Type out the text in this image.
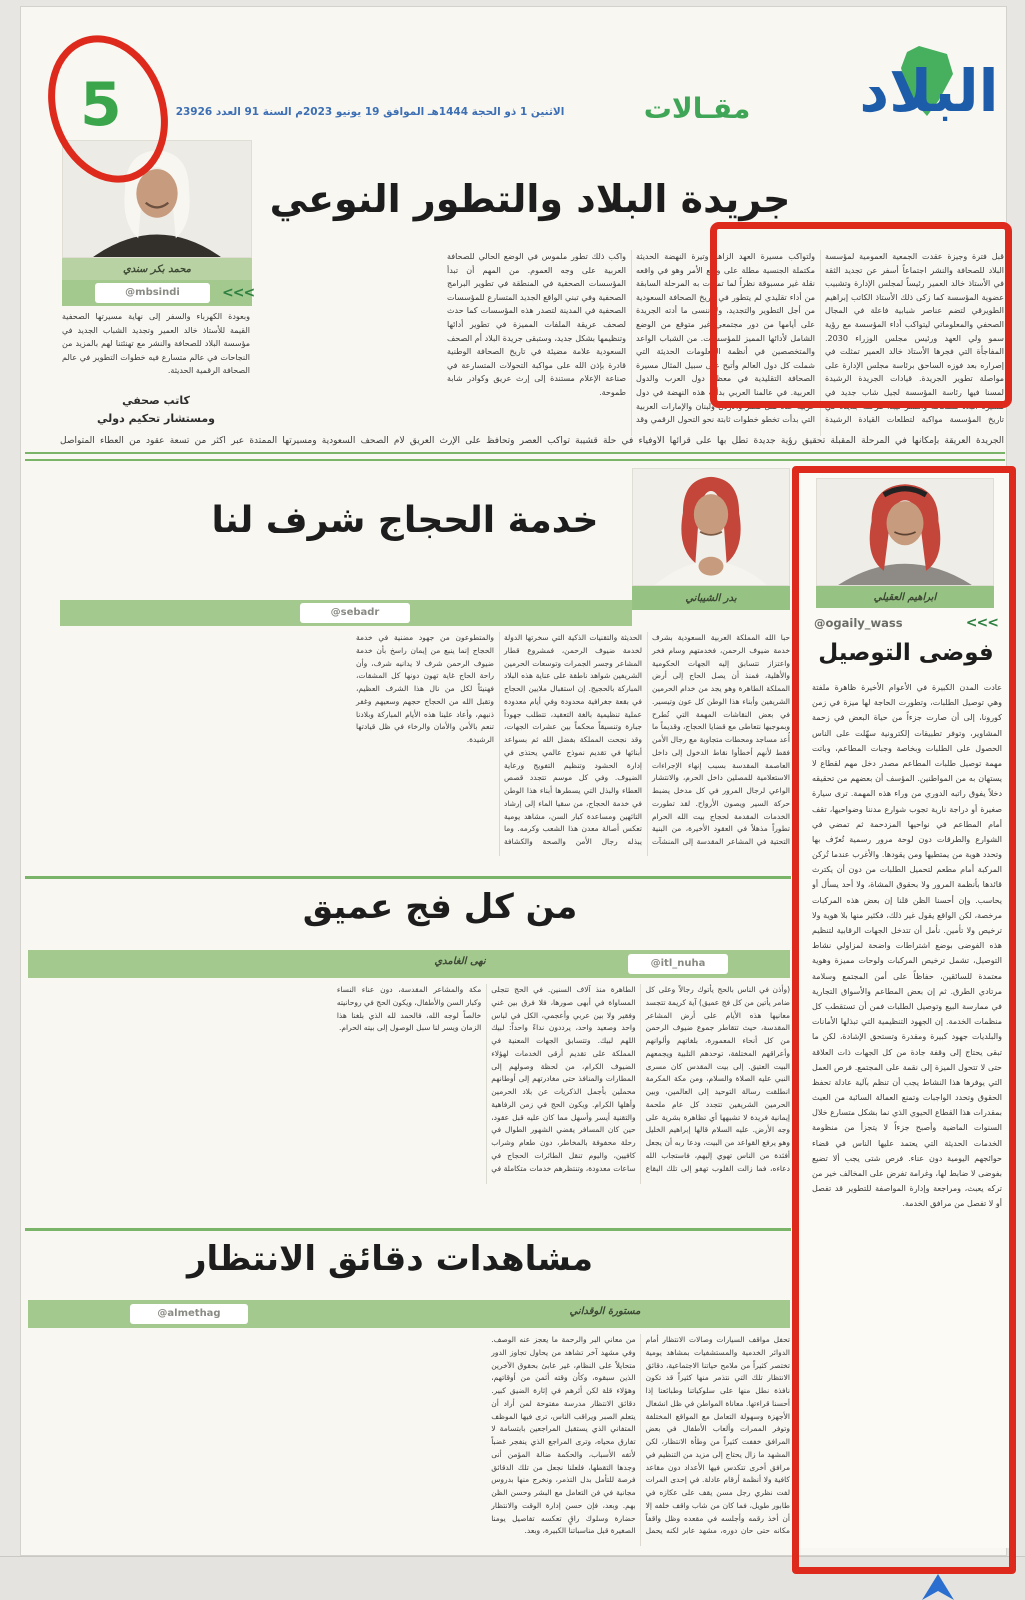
5	البلاد
مقـالات
الاثنين 1 ذو الحجة 1444هـ الموافق 19 يونيو 2023م السنة 91 العدد 23926
محمد بكر سندي
@mbsindi	<<<
جريدة البلاد والتطور النوعي
قبل فترة وجيزة عقدت الجمعية العمومية لمؤسسة البلاد للصحافة والنشر اجتماعاً أسفر عن تجديد الثقة في الأستاذ خالد العمير رئيساً لمجلس الإدارة وتشبيب عضوية المؤسسة كما زكى ذلك الأستاذ الكاتب إبراهيم الطويرقي لتضم عناصر شبابية فاعلة في المجال الصحفي والمعلوماتي ليتواكب أداء المؤسسة مع رؤية سمو ولي العهد ورئيس مجلس الوزراء 2030. المفاجأة التي فجرها الأستاذ خالد العمير تمثلت في إصراره بعد فوزه الساحق برئاسة مجلس الإدارة على مواصلة تطوير الجريدة. قيادات الجريدة الرشيدة لمسنا فيها رئاسة المؤسسة لجيل شاب جديد في مسيرة البلاد للصحافة والنشر ليبدأ مرحلة جديدة في تاريخ المؤسسة مواكبة لتطلعات القيادة الرشيدة ولتواكب مسيرة العهد الزاهر وتيرة النهضة الحديثة مكتملة الجنسية مطلة على واقع الأمر وهو في واقعه نقلة غير مسبوقة نظراً لما تميزت به المرحلة السابقة من أداء تقليدي لم يتطور في تاريخ الصحافة السعودية من أجل التطوير والتجديد، ولا ننسى ما أدته الجريدة على أيامها من دور مجتمعي غير متوقع من الوضع الشامل لأدائها المميز للمؤسسات. من الشباب الواعد والمتخصصين في أنظمة المعلومات الحديثة التي شملت كل دول العالم وأتيح على سبيل المثال مسيرة الصحافة التقليدية في معظم دول العرب والدول العربية. في عالمنا العربي بدأت هذه النهضة في دول عربية عدة مثل مصر والأردن ولبنان والإمارات العربية التي بدأت تخطو خطوات ثابتة نحو التحول الرقمي وقد واكب ذلك تطور ملموس في الوضع الحالي للصحافة العربية على وجه العموم. من المهم أن تبدأ المؤسسات الصحفية في المنطقة في تطوير البرامج الصحفية وفي تبني الواقع الجديد المتسارع للمؤسسات الصحفية في المدينة لتصدر هذه المؤسسات كما حدث لصحف عريقة الملفات المميزة في تطوير أدائها وتنظيمها بشكل جديد، وستبقى جريدة البلاد أم الصحف السعودية علامة مضيئة في تاريخ الصحافة الوطنية قادرة بإذن الله على مواكبة التحولات المتسارعة في صناعة الإعلام مستندة إلى إرث عريق وكوادر شابة طموحة.
وبعودة الكهرباء والسفر إلى نهاية مسيرتها الصحفية القيمة للأستاذ خالد العمير وتجديد الشباب الجديد في مؤسسة البلاد للصحافة والنشر مع تهنئتنا لهم بالمزيد من النجاحات في عالم متسارع فيه خطوات التطوير في عالم الصحافة الرقمية الحديثة.
كاتب صحفي
ومستشار تحكيم دولي
الجريدة العريقة بإمكانها في المرحلة المقبلة تحقيق رؤية جديدة تطل بها على قرائها الأوفياء في حلة قشيبة تواكب العصر وتحافظ على الإرث العريق لأم الصحف السعودية ومسيرتها الممتدة عبر أكثر من تسعة عقود من العطاء المتواصل
خدمة الحجاج شرف لنا
بدر الشيباني
@sebadr
حبا الله المملكة العربية السعودية بشرف خدمة ضيوف الرحمن، فخدمتهم وسام فخر واعتزاز تتسابق إليه الجهات الحكومية والأهلية، فمنذ أن يصل الحاج إلى أرض المملكة الطاهرة وهو يجد من خدام الحرمين الشريفين وأبناء هذا الوطن كل عون وتيسير. في بعض النقاشات المهمة التي تُطرح وبموجبها نتعاطى مع قضايا الحجاج، وقديماً ما أُعد مساجد ومحطات متجاوبة مع رجال الأمن فقط لأنهم أخطأوا نقاط الدخول إلى داخل العاصمة المقدسة بسبب إنهاء الإجراءات الاستعلامية للمصلين داخل الحرم، والانتشار الواعي لرجال المرور في كل مدخل يضبط حركة السير ويصون الأرواح. لقد تطورت الخدمات المقدمة لحجاج بيت الله الحرام تطوراً مذهلاً في العقود الأخيرة، من البنية التحتية في المشاعر المقدسة إلى المنشآت الحديثة والتقنيات الذكية التي سخرتها الدولة لخدمة ضيوف الرحمن، فمشروع قطار المشاعر وجسر الجمرات وتوسعات الحرمين الشريفين شواهد ناطقة على عناية هذه البلاد المباركة بالحجيج. إن استقبال ملايين الحجاج في بقعة جغرافية محدودة وفي أيام معدودة عملية تنظيمية بالغة التعقيد، تتطلب جهوداً جبارة وتنسيقاً محكماً بين عشرات الجهات، وقد نجحت المملكة بفضل الله ثم بسواعد أبنائها في تقديم نموذج عالمي يحتذى في إدارة الحشود وتنظيم التفويج ورعاية الضيوف. وفي كل موسم تتجدد قصص العطاء والبذل التي يسطرها أبناء هذا الوطن في خدمة الحجاج، من سقيا الماء إلى إرشاد التائهين ومساعدة كبار السن، مشاهد يومية تعكس أصالة معدن هذا الشعب وكرمه. وما يبذله رجال الأمن والصحة والكشافة والمتطوعون من جهود مضنية في خدمة الحجاج إنما ينبع من إيمان راسخ بأن خدمة ضيوف الرحمن شرف لا يدانيه شرف، وأن راحة الحاج غاية تهون دونها كل المشقات، فهنيئاً لكل من نال هذا الشرف العظيم، وتقبل الله من الحجاج حجهم وسعيهم وغفر ذنبهم، وأعاد علينا هذه الأيام المباركة وبلادنا تنعم بالأمن والأمان والرخاء في ظل قيادتها الرشيدة.
من كل فج عميق
نهى الغامدي	@itl_nuha
(وأذن في الناس بالحج يأتوك رجالاً وعلى كل ضامر يأتين من كل فج عميق) آية كريمة تتجسد معانيها هذه الأيام على أرض المشاعر المقدسة، حيث تتقاطر جموع ضيوف الرحمن من كل أنحاء المعمورة، بلغاتهم وألوانهم وأعراقهم المختلفة، توحدهم التلبية ويجمعهم البيت العتيق. إلى بيت المقدس كان مسرى النبي عليه الصلاة والسلام، ومن مكة المكرمة انطلقت رسالة التوحيد إلى العالمين، وبين الحرمين الشريفين تتجدد كل عام ملحمة إيمانية فريدة لا تشبهها أي تظاهرة بشرية على وجه الأرض. عليه السلام قالها إبراهيم الخليل وهو يرفع القواعد من البيت، ودعا ربه أن يجعل أفئدة من الناس تهوي إليهم، فاستجاب الله دعاءه، فما زالت القلوب تهفو إلى تلك البقاع الطاهرة منذ آلاف السنين. في الحج تتجلى المساواة في أبهى صورها، فلا فرق بين غني وفقير ولا بين عربي وأعجمي، الكل في لباس واحد وصعيد واحد، يرددون نداءً واحداً: لبيك اللهم لبيك. وتتسابق الجهات المعنية في المملكة على تقديم أرقى الخدمات لهؤلاء الضيوف الكرام، من لحظة وصولهم إلى المطارات والمنافذ حتى مغادرتهم إلى أوطانهم محملين بأجمل الذكريات عن بلاد الحرمين وأهلها الكرام. ويكون الحج في زمن الرفاهية والتقنية أيسر وأسهل مما كان عليه قبل عقود، حين كان المسافر يقضي الشهور الطوال في رحلة محفوفة بالمخاطر، دون طعام وشراب كافيين، واليوم تنقل الطائرات الحجاج في ساعات معدودة، وتنتظرهم خدمات متكاملة في مكة والمشاعر المقدسة، دون عناء النساء وكبار السن والأطفال، ويكون الحج في روحانيته خالصاً لوجه الله، فالحمد لله الذي بلغنا هذا الزمان ويسر لنا سبل الوصول إلى بيته الحرام.
مشاهدات دقائق الانتظار
@almethag	مستورة الوقداني
تحفل مواقف السيارات وصالات الانتظار أمام الدوائر الخدمية والمستشفيات بمشاهد يومية تختصر كثيراً من ملامح حياتنا الاجتماعية، دقائق الانتظار تلك التي نتذمر منها كثيراً قد تكون نافذة نطل منها على سلوكياتنا وطبائعنا إذا أحسنا قراءتها. معاناة المواطن في ظل انشغال الأجهزة وسهولة التعامل مع المواقع المختلفة وتوفر الممرات وألعاب الأطفال في بعض المرافق خففت كثيراً من وطأة الانتظار، لكن المشهد ما زال يحتاج إلى مزيد من التنظيم في مرافق أخرى تتكدس فيها الأعداد دون مقاعد كافية ولا أنظمة أرقام عادلة. في إحدى المرات لفت نظري رجل مسن يقف على عكازه في طابور طويل، فما كان من شاب واقف خلفه إلا أن أخذ رقمه وأجلسه في مقعده وظل واقفاً مكانه حتى حان دوره، مشهد عابر لكنه يحمل من معاني البر والرحمة ما يعجز عنه الوصف. وفي مشهد آخر تشاهد من يحاول تجاوز الدور متحايلاً على النظام، غير عابئ بحقوق الآخرين الذين سبقوه، وكأن وقته أثمن من أوقاتهم، وهؤلاء قلة لكن أثرهم في إثارة الضيق كبير. دقائق الانتظار مدرسة مفتوحة لمن أراد أن يتعلم الصبر ويراقب الناس، ترى فيها الموظف المتفاني الذي يستقبل المراجعين بابتسامة لا تفارق محياه، وترى المراجع الذي ينفجر غضباً لأتفه الأسباب، والحكمة ضالة المؤمن أنى وجدها التقطها، فلعلنا نجعل من تلك الدقائق فرصة للتأمل بدل التذمر، ونخرج منها بدروس مجانية في فن التعامل مع البشر وحسن الظن بهم. وبعد، فإن حسن إدارة الوقت والانتظار حضارة وسلوك راقٍ تعكسه تفاصيل يومنا الصغيرة قبل مناسباتنا الكبيرة، وبعد.
ابراهيم العقيلي
@ogaily_wass	<<<
فوضى التوصيل
عادت المدن الكبيرة في الأعوام الأخيرة ظاهرة ملفتة وهي توصيل الطلبات، وتطورت الحاجة لها ميزة في زمن كورونا، إلى أن صارت جزءاً من حياة البعض في زحمة المشاوير، وتوفر تطبيقات إلكترونية سهّلت على الناس الحصول على الطلبات وبخاصة وجبات المطاعم، وباتت مهمة توصيل طلبات المطاعم مصدر دخل مهم لقطاع لا يستهان به من المواطنين. المؤسف أن بعضهم من تحقيقه دخلاً يفوق راتبه الدوري من وراء هذه المهمة. ترى سيارة صغيرة أو دراجة نارية تجوب شوارع مدننا وضواحيها، تقف أمام المطاعم في نواحيها المزدحمة ثم تمضي في الشوارع والطرقات دون لوحة مرور رسمية تُعرّف بها وتحدد هوية من يمتطيها ومن يقودها. والأغرب عندما تُركن المركبة أمام مطعم لتحميل الطلبات من دون أن يكترث قائدها بأنظمة المرور ولا بحقوق المشاة، ولا أحد يسأل أو يحاسب. وإن أحسنا الظن قلنا إن بعض هذه المركبات مرخصة، لكن الواقع يقول غير ذلك، فكثير منها بلا هوية ولا ترخيص ولا تأمين. نأمل أن تتدخل الجهات الرقابية لتنظيم هذه الفوضى بوضع اشتراطات واضحة لمزاولي نشاط التوصيل، تشمل ترخيص المركبات ولوحات مميزة وهوية معتمدة للسائقين، حفاظاً على أمن المجتمع وسلامة مرتادي الطرق. ثم إن بعض المطاعم والأسواق التجارية في ممارسة البيع وتوصيل الطلبات فمن أن تستقطب كل منظمات الخدمة. إن الجهود التنظيمية التي تبذلها الأمانات والبلديات جهود كبيرة ومقدرة وتستحق الإشادة، لكن ما تبقى يحتاج إلى وقفة جادة من كل الجهات ذات العلاقة حتى لا تتحول الميزة إلى نقمة على المجتمع. فرص العمل التي يوفرها هذا النشاط يجب أن تنظم بآلية عادلة تحفظ الحقوق وتحدد الواجبات وتمنع العمالة السائبة من العبث بمقدرات هذا القطاع الحيوي الذي نما بشكل متسارع خلال السنوات الماضية وأصبح جزءاً لا يتجزأ من منظومة الخدمات الحديثة التي يعتمد عليها الناس في قضاء حوائجهم اليومية دون عناء. فرص شتى يجب ألا تضيع بفوضى لا ضابط لها، وغرامة تفرض على المخالف خير من تركه يعبث، ومراجعة وإدارة المواصفة للتطوير قد تفصل أو لا تفصل من مرافق الخدمة.
